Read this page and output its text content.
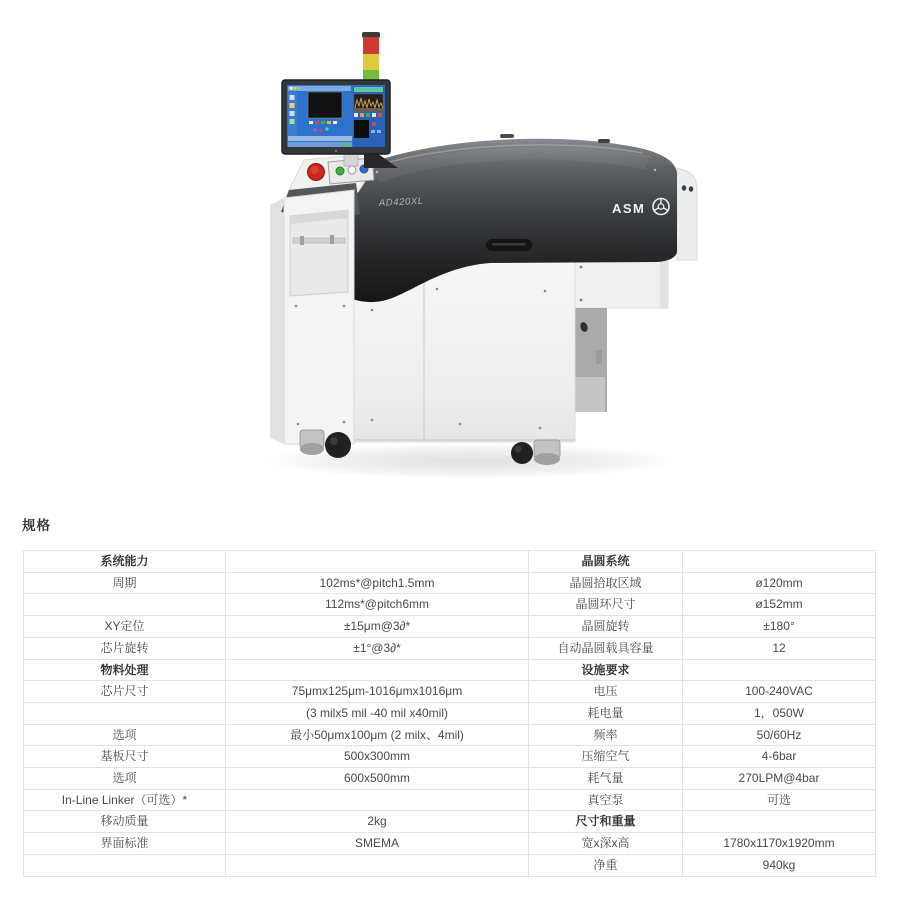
AD420XL	ASM
规格
系统能力		晶圆系统	
周期	102ms*@pitch1.5mm	晶圆拾取区域	ø120mm
	112ms*@pitch6mm	晶圆环尺寸	ø152mm
XY定位	±15μm@3∂*	晶圆旋转	±180°
芯片旋转	±1°@3∂*	自动晶圆载具容量	12
物料处理		设施要求	
芯片尺寸	75μmx125μm-1016μmx1016μm	电压	100-240VAC
	(3 milx5 mil -40 mil x40mil)	耗电量	1，050W
选项	最小50μmx100μm (2 milx、4mil)	频率	50/60Hz
基板尺寸	500x300mm	压缩空气	4-6bar
选项	600x500mm	耗气量	270LPM@4bar
In-Line Linker（可选）*		真空泵	可选
移动质量	2kg	尺寸和重量	
界面标准	SMEMA	宽x深x高	1780x1170x1920mm
		净重	940kg
